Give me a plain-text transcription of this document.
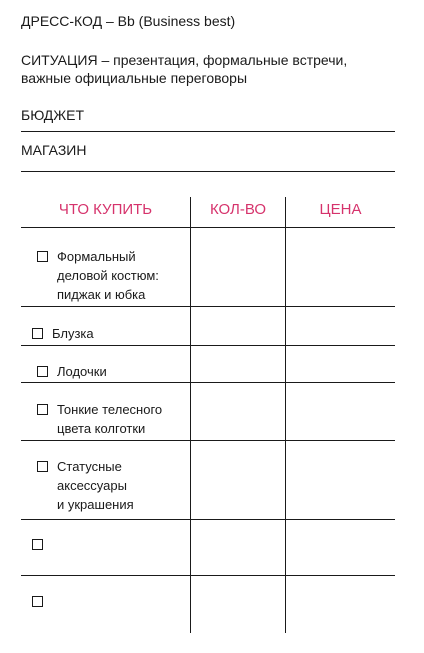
ДРЕСС-КОД – Bb (Business best)
СИТУАЦИЯ – презентация, формальные встречи, важные официальные переговоры
БЮДЖЕТ
МАГАЗИН
ЧТО КУПИТЬ	КОЛ-ВО	ЦЕНА
Формальный
деловой костюм:
пиджак и юбка
Блузка
Лодочки
Тонкие телесного
цвета колготки
Статусные
аксессуары
и украшения
